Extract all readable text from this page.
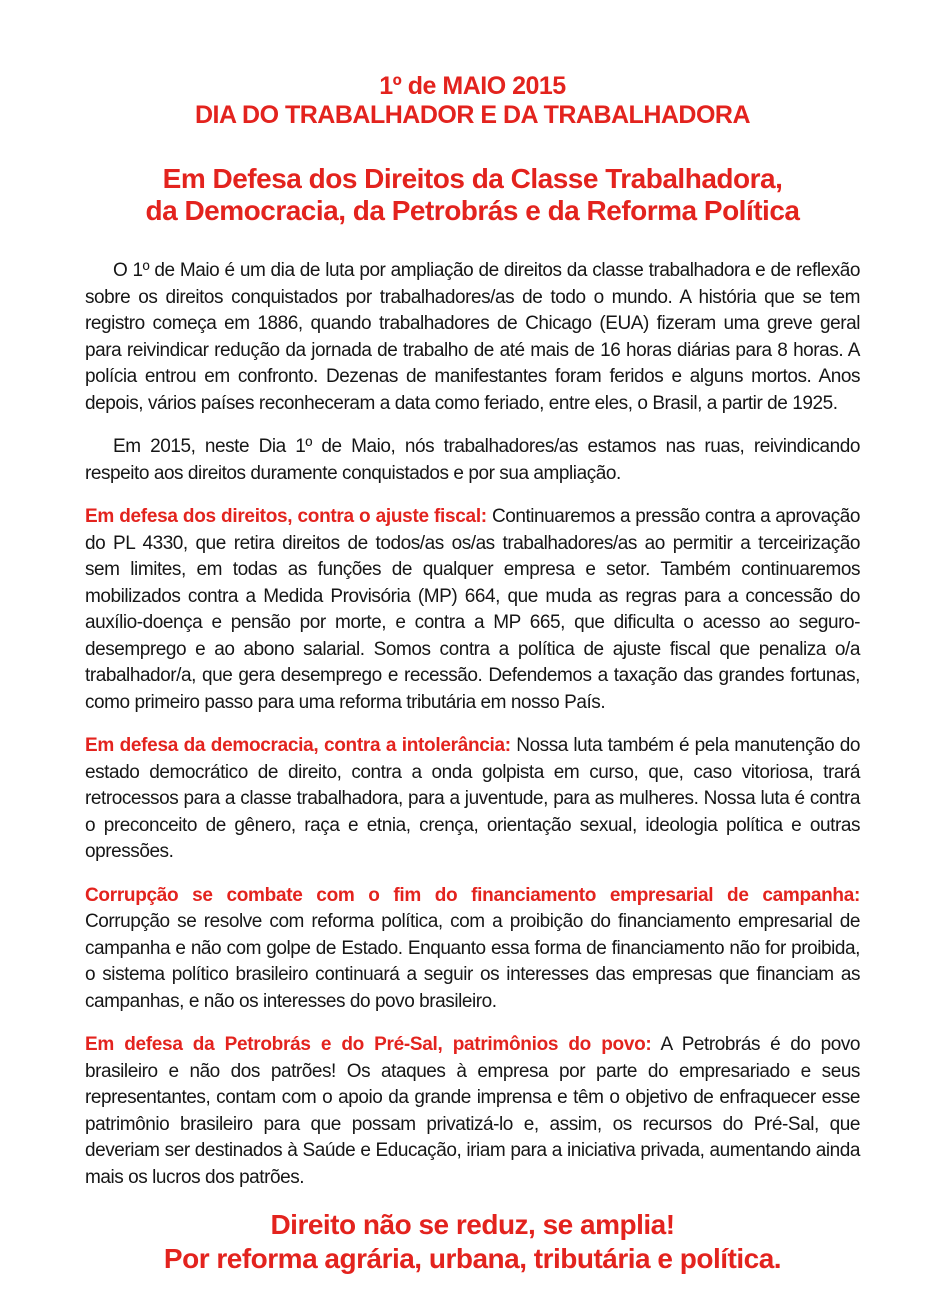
1º de MAIO 2015
DIA DO TRABALHADOR E DA TRABALHADORA
Em Defesa dos Direitos da Classe Trabalhadora,
da Democracia, da Petrobrás e da Reforma Política

O 1º de Maio é um dia de luta por ampliação de direitos da classe trabalhadora e de reflexão sobre os direitos conquistados por trabalhadores/as de todo o mundo. A história que se tem registro começa em 1886, quando trabalhadores de Chicago (EUA) fizeram uma greve geral para reivindicar redução da jornada de trabalho de até mais de 16 horas diárias para 8 horas. A polícia entrou em confronto. Dezenas de manifestantes foram feridos e alguns mortos. Anos depois, vários países reconheceram a data como feriado, entre eles, o Brasil, a partir de 1925.

Em 2015, neste Dia 1º de Maio, nós trabalhadores/as estamos nas ruas, reivindicando respeito aos direitos duramente conquistados e por sua ampliação.

Em defesa dos direitos, contra o ajuste fiscal: Continuaremos a pressão contra a aprovação do PL 4330, que retira direitos de todos/as os/as trabalhadores/as ao permitir a terceirização sem limites, em todas as funções de qualquer empresa e setor. Também continuaremos mobilizados contra a Medida Provisória (MP) 664, que muda as regras para a concessão do auxílio-doença e pensão por morte, e contra a MP 665, que dificulta o acesso ao seguro-desemprego e ao abono salarial. Somos contra a política de ajuste fiscal que penaliza o/a trabalhador/a, que gera desemprego e recessão. Defendemos a taxação das grandes fortunas, como primeiro passo para uma reforma tributária em nosso País.

Em defesa da democracia, contra a intolerância: Nossa luta também é pela manutenção do estado democrático de direito, contra a onda golpista em curso, que, caso vitoriosa, trará retrocessos para a classe trabalhadora, para a juventude, para as mulheres. Nossa luta é contra o preconceito de gênero, raça e etnia, crença, orientação sexual, ideologia política e outras opressões.

Corrupção se combate com o fim do financiamento empresarial de campanha: Corrupção se resolve com reforma política, com a proibição do financiamento empresarial de campanha e não com golpe de Estado. Enquanto essa forma de financiamento não for proibida, o sistema político brasileiro continuará a seguir os interesses das empresas que financiam as campanhas, e não os interesses do povo brasileiro.

Em defesa da Petrobrás e do Pré-Sal, patrimônios do povo: A Petrobrás é do povo brasileiro e não dos patrões! Os ataques à empresa por parte do empresariado e seus representantes, contam com o apoio da grande imprensa e têm o objetivo de enfraquecer esse patrimônio brasileiro para que possam privatizá-lo e, assim, os recursos do Pré-Sal, que deveriam ser destinados à Saúde e Educação, iriam para a iniciativa privada, aumentando ainda mais os lucros dos patrões.

Direito não se reduz, se amplia!
Por reforma agrária, urbana, tributária e política.
